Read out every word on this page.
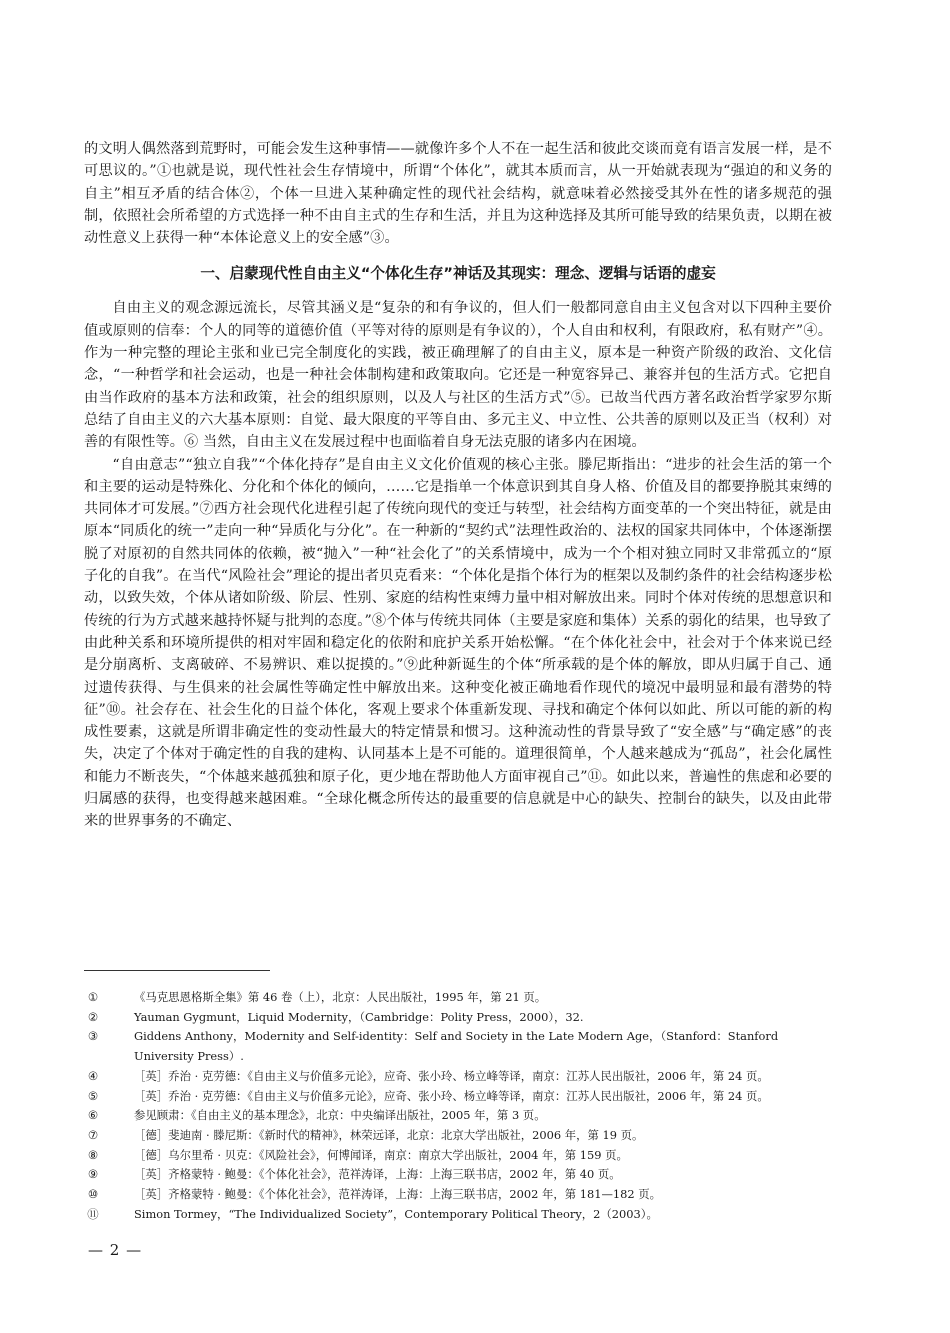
的文明人偶然落到荒野时，可能会发生这种事情——就像许多个人不在一起生活和彼此交谈而竟有语言发展一样，是不可思议的。”①也就是说，现代性社会生存情境中，所谓“个体化”，就其本质而言，从一开始就表现为“强迫的和义务的自主”相互矛盾的结合体②，个体一旦进入某种确定性的现代社会结构，就意味着必然接受其外在性的诸多规范的强制，依照社会所希望的方式选择一种不由自主式的生存和生活，并且为这种选择及其所可能导致的结果负责，以期在被动性意义上获得一种“本体论意义上的安全感”③。

一、启蒙现代性自由主义“个体化生存”神话及其现实：理念、逻辑与话语的虚妄

自由主义的观念源远流长，尽管其涵义是“复杂的和有争议的，但人们一般都同意自由主义包含对以下四种主要价值或原则的信奉：个人的同等的道德价值（平等对待的原则是有争议的），个人自由和权利，有限政府，私有财产”④。作为一种完整的理论主张和业已完全制度化的实践，被正确理解了的自由主义，原本是一种资产阶级的政治、文化信念，“一种哲学和社会运动，也是一种社会体制构建和政策取向。它还是一种宽容异己、兼容并包的生活方式。它把自由当作政府的基本方法和政策，社会的组织原则，以及人与社区的生活方式”⑤。已故当代西方著名政治哲学家罗尔斯总结了自由主义的六大基本原则：自觉、最大限度的平等自由、多元主义、中立性、公共善的原则以及正当（权利）对善的有限性等。⑥ 当然，自由主义在发展过程中也面临着自身无法克服的诸多内在困境。

“自由意志”“独立自我”“个体化持存”是自由主义文化价值观的核心主张。滕尼斯指出：“进步的社会生活的第一个和主要的运动是特殊化、分化和个体化的倾向，……它是指单一个体意识到其自身人格、价值及目的都要挣脱其束缚的共同体才可发展。”⑦西方社会现代化进程引起了传统向现代的变迁与转型，社会结构方面变革的一个突出特征，就是由原本“同质化的统一”走向一种“异质化与分化”。在一种新的“契约式”法理性政治的、法权的国家共同体中，个体逐渐摆脱了对原初的自然共同体的依赖，被“抛入”一种“社会化了”的关系情境中，成为一个个相对独立同时又非常孤立的“原子化的自我”。在当代“风险社会”理论的提出者贝克看来：“个体化是指个体行为的框架以及制约条件的社会结构逐步松动，以致失效，个体从诸如阶级、阶层、性别、家庭的结构性束缚力量中相对解放出来。同时个体对传统的思想意识和传统的行为方式越来越持怀疑与批判的态度。”⑧个体与传统共同体（主要是家庭和集体）关系的弱化的结果，也导致了由此种关系和环境所提供的相对牢固和稳定化的依附和庇护关系开始松懈。“在个体化社会中，社会对于个体来说已经是分崩离析、支离破碎、不易辨识、难以捉摸的。”⑨此种新诞生的个体“所承载的是个体的解放，即从归属于自己、通过遗传获得、与生俱来的社会属性等确定性中解放出来。这种变化被正确地看作现代的境况中最明显和最有潜势的特征”⑩。社会存在、社会生化的日益个体化，客观上要求个体重新发现、寻找和确定个体何以如此、所以可能的新的构成性要素，这就是所谓非确定性的变动性最大的特定情景和惯习。这种流动性的背景导致了“安全感”与“确定感”的丧失，决定了个体对于确定性的自我的建构、认同基本上是不可能的。道理很简单，个人越来越成为“孤岛”，社会化属性和能力不断丧失，“个体越来越孤独和原子化，更少地在帮助他人方面审视自己”⑪。如此以来，普遍性的焦虑和必要的归属感的获得，也变得越来越困难。“全球化概念所传达的最重要的信息就是中心的缺失、控制台的缺失，以及由此带来的世界事务的不确定、

①	《马克思恩格斯全集》第 46 卷（上），北京：人民出版社，1995 年，第 21 页。

②	Yauman Gygmunt，Liquid Modernity，（Cambridge：Polity Press，2000），32.

③	Giddens Anthony，Modernity and Self-identity：Self and Society in the Late Modern Age，（Stanford：Stanford University Press）.

④	［英］乔治 · 克劳德：《自由主义与价值多元论》，应奇、张小玲、杨立峰等译，南京：江苏人民出版社，2006 年，第 24 页。

⑤	［英］乔治 · 克劳德：《自由主义与价值多元论》，应奇、张小玲、杨立峰等译，南京：江苏人民出版社，2006 年，第 24 页。

⑥	参见顾肃：《自由主义的基本理念》，北京：中央编译出版社，2005 年，第 3 页。

⑦	［德］斐迪南 · 滕尼斯：《新时代的精神》，林荣远译，北京：北京大学出版社，2006 年，第 19 页。

⑧	［德］乌尔里希 · 贝克：《风险社会》，何博闻译，南京：南京大学出版社，2004 年，第 159 页。

⑨	［英］齐格蒙特 · 鲍曼：《个体化社会》，范祥涛译，上海：上海三联书店，2002 年，第 40 页。

⑩	［英］齐格蒙特 · 鲍曼：《个体化社会》，范祥涛译，上海：上海三联书店，2002 年，第 181—182 页。

⑪	Simon Tormey，“The Individualized Society”，Contemporary Political Theory，2（2003）。

— 2 —
